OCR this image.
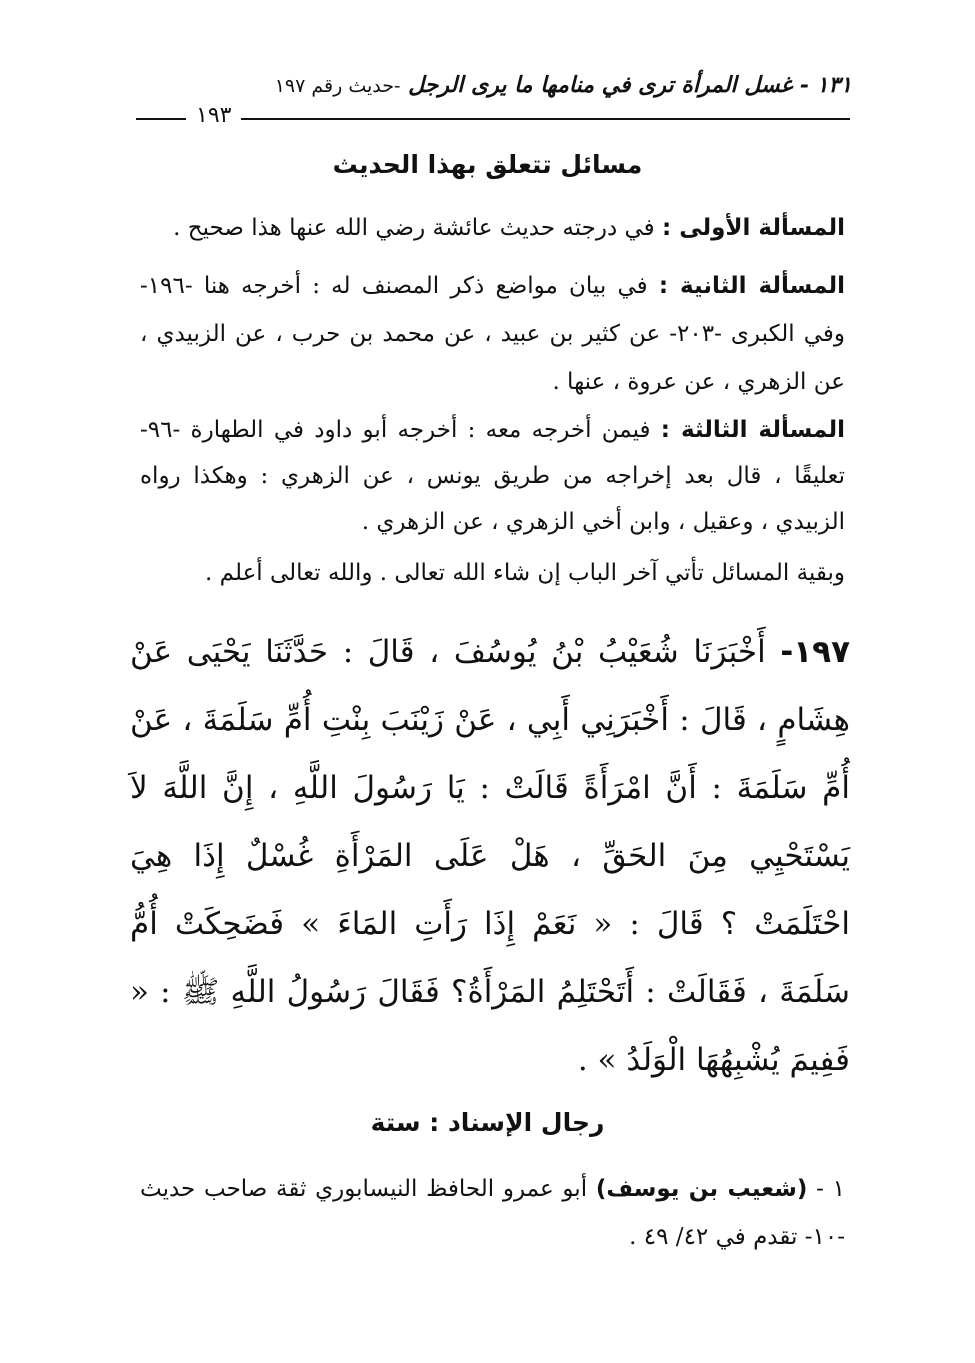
١٣١ - غسل المرأة ترى في منامها ما يرى الرجل -حديث رقم ١٩٧
١٩٣
مسائل تتعلق بهذا الحديث

المسألة الأولى : في درجته حديث عائشة رضي الله عنها هذا صحيح .

المسألة الثانية : في بيان مواضع ذكر المصنف له : أخرجه هنا -١٩٦- وفي الكبرى -٢٠٣- عن كثير بن عبيد ، عن محمد بن حرب ، عن الزبيدي ، عن الزهري ، عن عروة ، عنها .

المسألة الثالثة : فيمن أخرجه معه : أخرجه أبو داود في الطهارة -٩٦- تعليقًا ، قال بعد إخراجه من طريق يونس ، عن الزهري : وهكذا رواه الزبيدي ، وعقيل ، وابن أخي الزهري ، عن الزهري .

وبقية المسائل تأتي آخر الباب إن شاء الله تعالى . والله تعالى أعلم .

١٩٧- أَخْبَرَنَا شُعَيْبُ بْنُ يُوسُفَ ، قَالَ : حَدَّثَنَا يَحْيَى عَنْ هِشَامٍ ، قَالَ : أَخْبَرَنِي أَبِي ، عَنْ زَيْنَبَ بِنْتِ أُمِّ سَلَمَةَ ، عَنْ أُمِّ سَلَمَةَ : أَنَّ امْرَأَةً قَالَتْ : يَا رَسُولَ اللَّهِ ، إِنَّ اللَّهَ لاَ يَسْتَحْيِي مِنَ الحَقِّ ، هَلْ عَلَى المَرْأَةِ غُسْلٌ إِذَا هِيَ احْتَلَمَتْ ؟ قَالَ : « نَعَمْ إِذَا رَأَتِ المَاءَ » فَضَحِكَتْ أُمُّ سَلَمَةَ ، فَقَالَتْ : أَتَحْتَلِمُ المَرْأَةُ؟ فَقَالَ رَسُولُ اللَّهِ ﷺ : « فَفِيمَ يُشْبِهُهَا الْوَلَدُ » .

رجال الإسناد : ستة

١ - (شعيب بن يوسف) أبو عمرو الحافظ النيسابوري ثقة صاحب حديث -١٠- تقدم في ٤٢/ ٤٩ .
